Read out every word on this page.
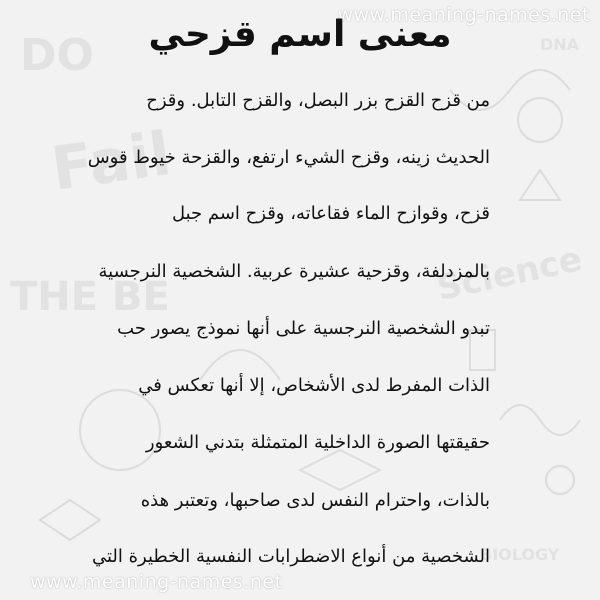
DO
Fail
THE BE	Science
BIOLOGY
DNA
www.meaning-names.net
معنى اسم قزحي
من قزح القزح بزر البصل، والقزح التابل. وقزح
الحديث زينه، وقزح الشيء ارتفع، والقزحة خيوط قوس
قزح، وقوازح الماء فقاعاته، وقزح اسم جبل
بالمزدلفة، وقزحية عشيرة عربية. الشخصية النرجسية
تبدو الشخصية النرجسية على أنها نموذج يصور حب
الذات المفرط لدى الأشخاص، إلا أنها تعكس في
حقيقتها الصورة الداخلية المتمثلة بتدني الشعور
بالذات، واحترام النفس لدى صاحبها، وتعتبر هذه
الشخصية من أنواع الاضطرابات النفسية الخطيرة التي
www.meaning-names.net
